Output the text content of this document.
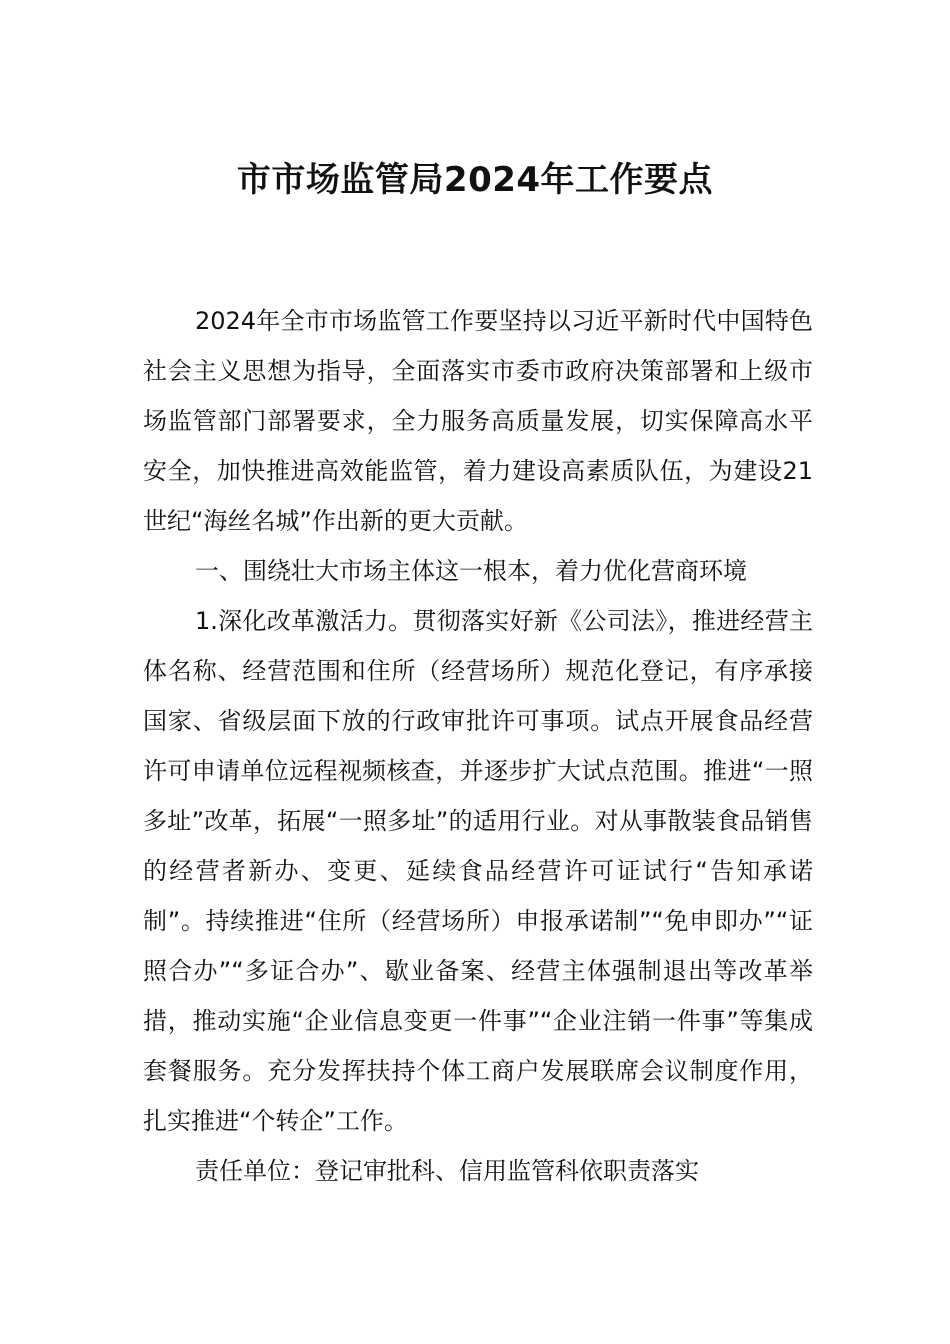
市市场监管局2024年工作要点

2024年全市市场监管工作要坚持以习近平新时代中国特色社会主义思想为指导，全面落实市委市政府决策部署和上级市场监管部门部署要求，全力服务高质量发展，切实保障高水平安全，加快推进高效能监管，着力建设高素质队伍，为建设21世纪“海丝名城”作出新的更大贡献。

一、围绕壮大市场主体这一根本，着力优化营商环境

1.深化改革激活力。贯彻落实好新《公司法》，推进经营主体名称、经营范围和住所（经营场所）规范化登记，有序承接国家、省级层面下放的行政审批许可事项。试点开展食品经营许可申请单位远程视频核查，并逐步扩大试点范围。推进“一照多址”改革，拓展“一照多址”的适用行业。对从事散装食品销售的经营者新办、变更、延续食品经营许可证试行“告知承诺制”。持续推进“住所（经营场所）申报承诺制”“免申即办”“证照合办”“多证合办”、歇业备案、经营主体强制退出等改革举措，推动实施“企业信息变更一件事”“企业注销一件事”等集成套餐服务。充分发挥扶持个体工商户发展联席会议制度作用，扎实推进“个转企”工作。

责任单位：登记审批科、信用监管科依职责落实
